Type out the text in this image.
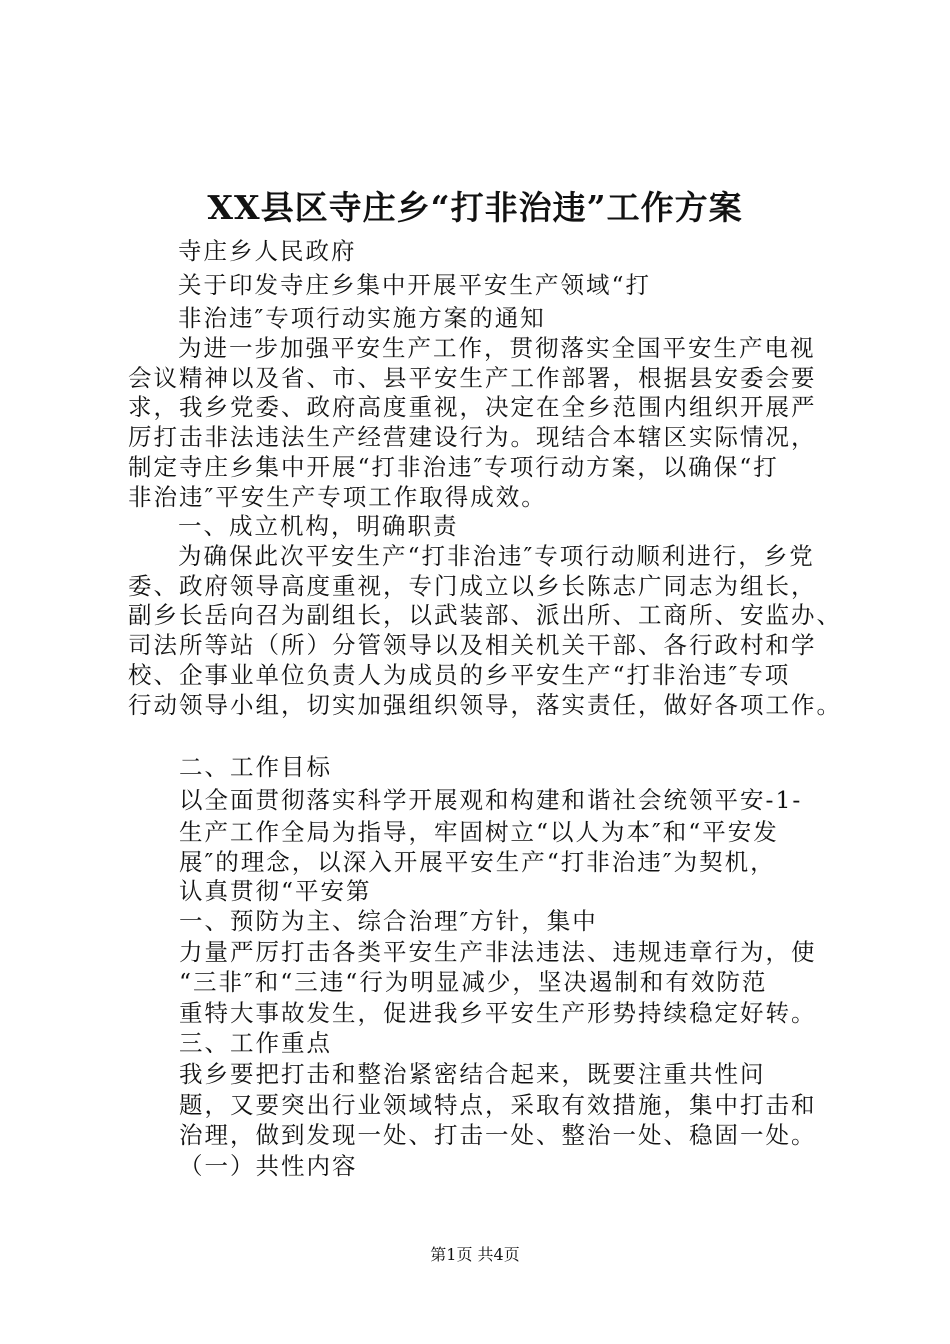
XX县区寺庄乡“打非治违”工作方案
寺庄乡人民政府
关于印发寺庄乡集中开展平安生产领域“打
非治违″专项行动实施方案的通知
为进一步加强平安生产工作，贯彻落实全国平安生产电视
会议精神以及省、市、县平安生产工作部署，根据县安委会要
求，我乡党委、政府高度重视，决定在全乡范围内组织开展严
厉打击非法违法生产经营建设行为。现结合本辖区实际情况，
制定寺庄乡集中开展“打非治违″专项行动方案，以确保“打
非治违″平安生产专项工作取得成效。
一、成立机构，明确职责
为确保此次平安生产“打非治违″专项行动顺利进行，乡党
委、政府领导高度重视，专门成立以乡长陈志广同志为组长，
副乡长岳向召为副组长，以武装部、派出所、工商所、安监办、
司法所等站（所）分管领导以及相关机关干部、各行政村和学
校、企事业单位负责人为成员的乡平安生产“打非治违″专项
行动领导小组，切实加强组织领导，落实责任，做好各项工作。
二、工作目标
以全面贯彻落实科学开展观和构建和谐社会统领平安-1-
生产工作全局为指导，牢固树立“以人为本″和“平安发
展″的理念，以深入开展平安生产“打非治违″为契机，
认真贯彻“平安第
一、预防为主、综合治理″方针，集中
力量严厉打击各类平安生产非法违法、违规违章行为，使
“三非″和“三违“行为明显减少，坚决遏制和有效防范
重特大事故发生，促进我乡平安生产形势持续稳定好转。
三、工作重点
我乡要把打击和整治紧密结合起来，既要注重共性问
题，又要突出行业领域特点，采取有效措施，集中打击和
治理，做到发现一处、打击一处、整治一处、稳固一处。
（一）共性内容
第1页 共4页
